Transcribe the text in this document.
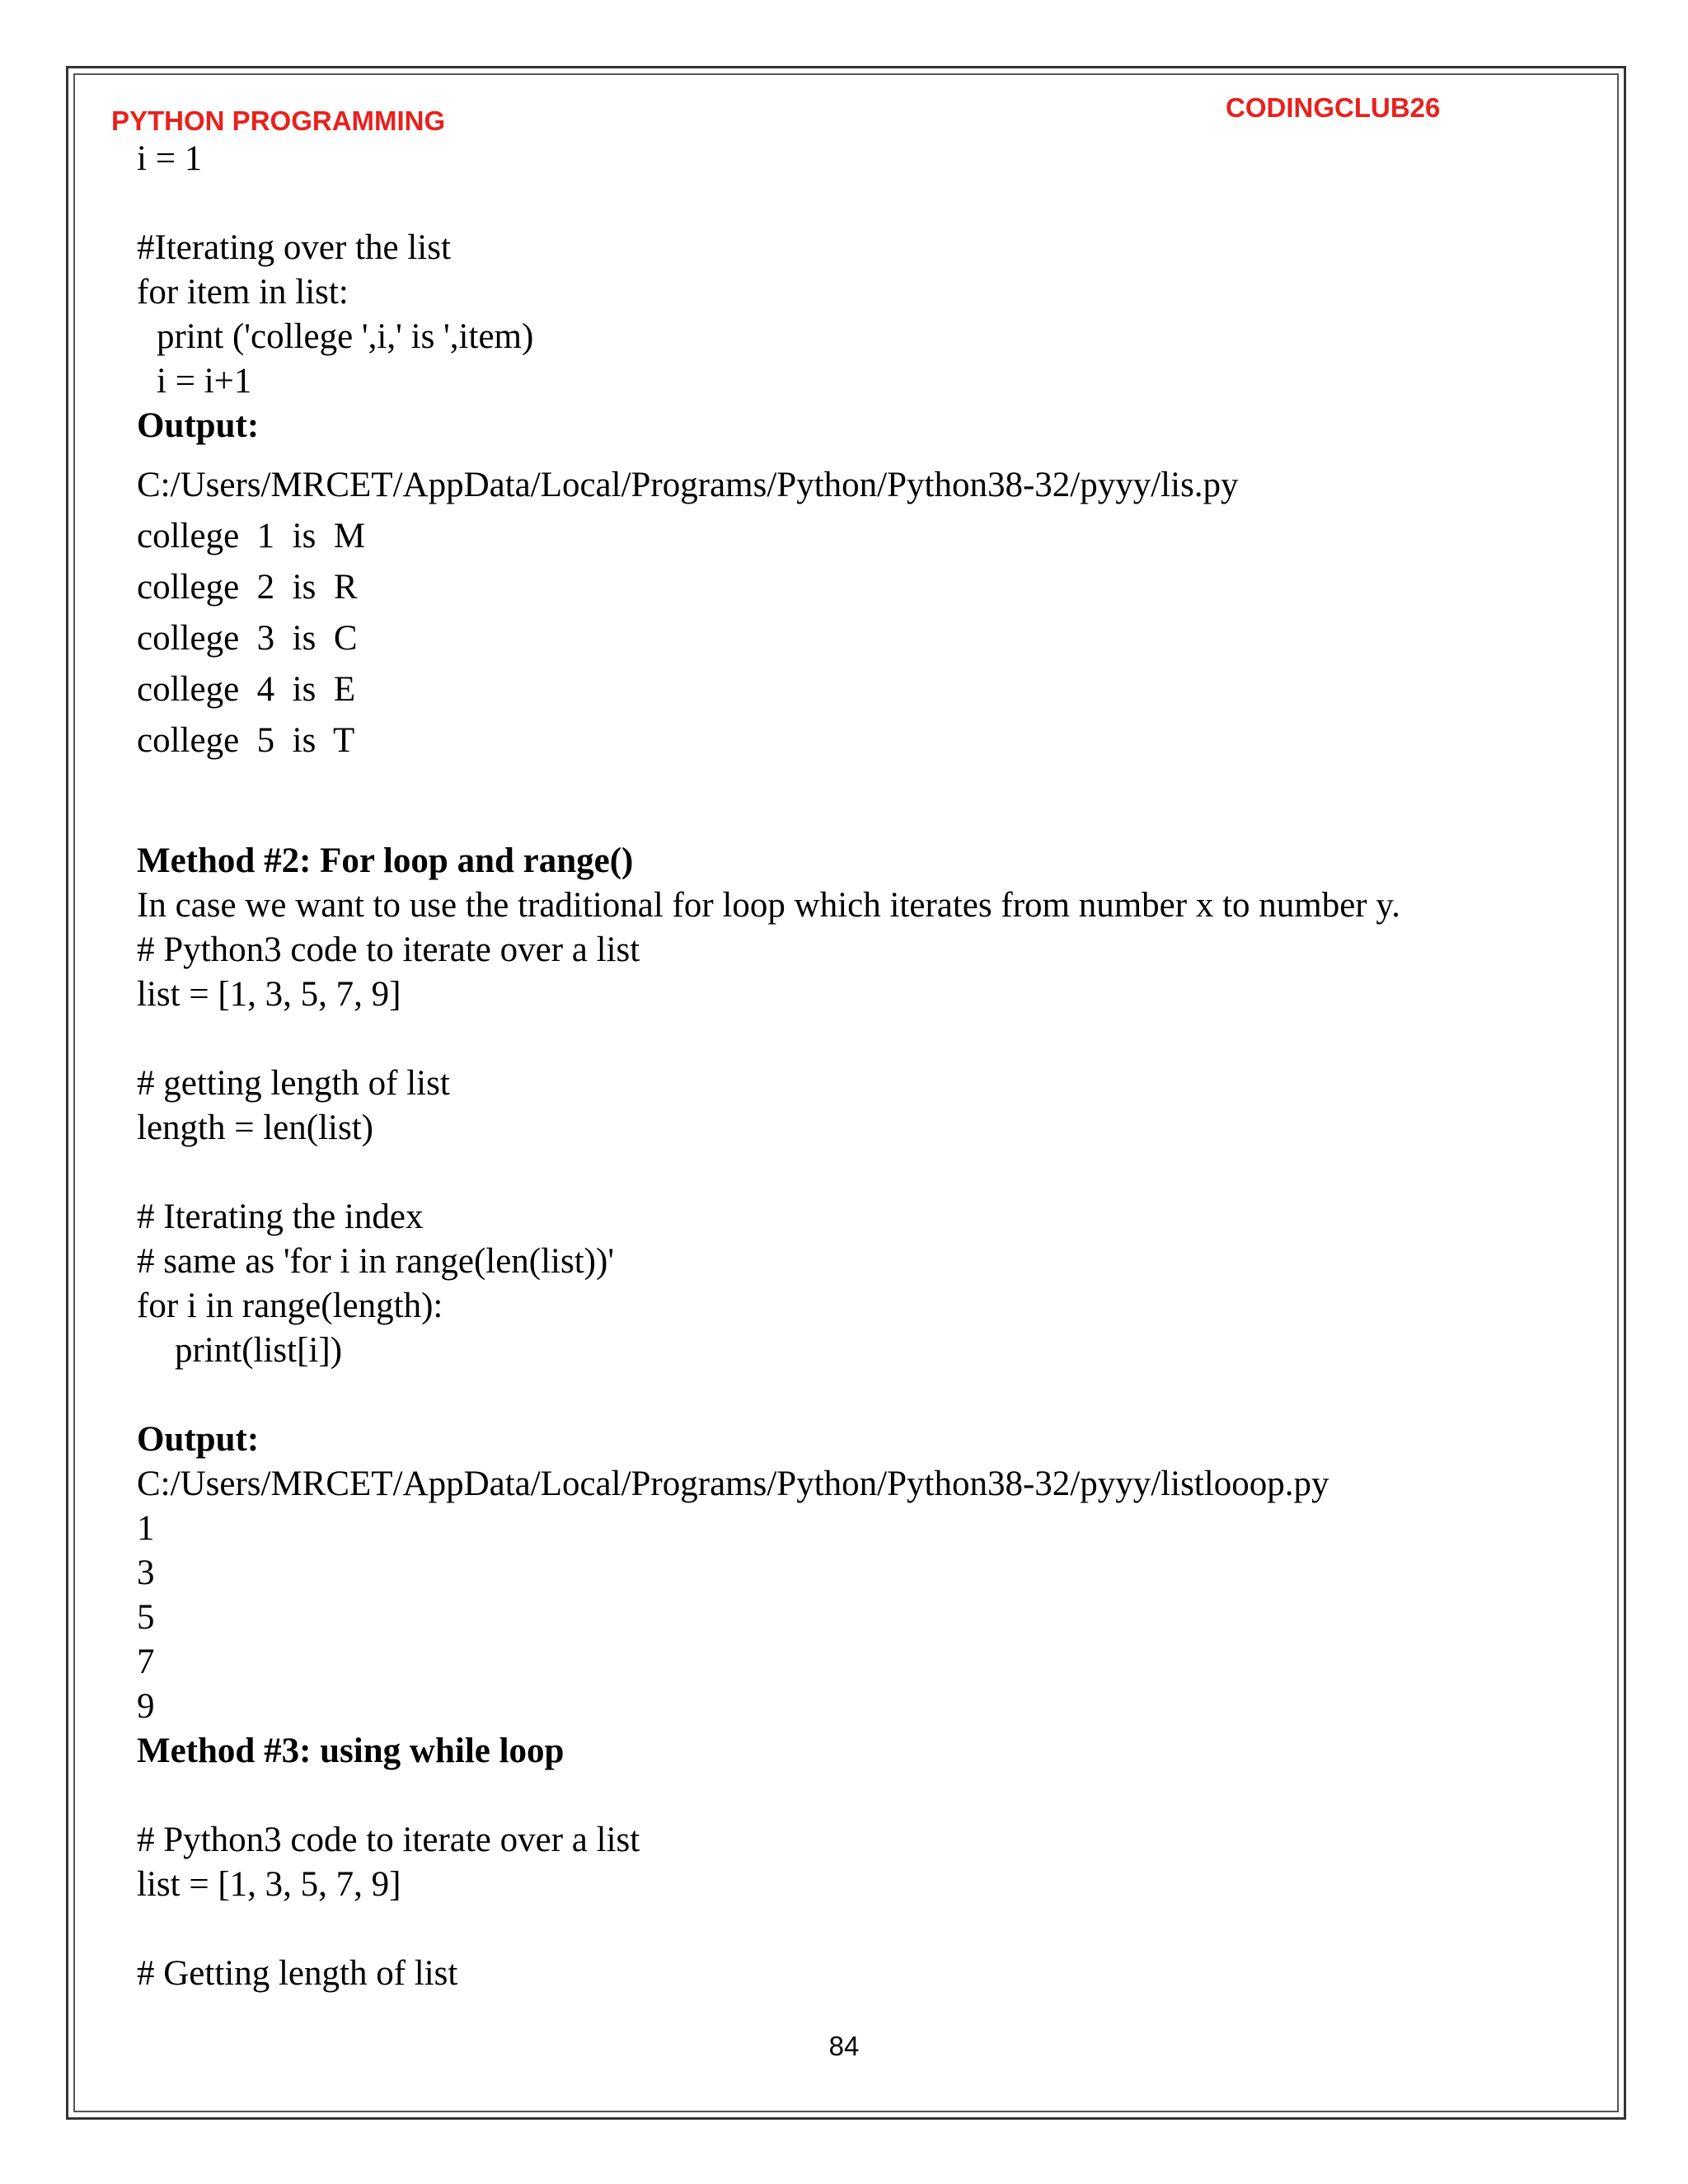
PYTHON PROGRAMMING	CODINGCLUB26
i = 1
#Iterating over the list
for item in list:
print ('college ',i,' is ',item)
i = i+1
Output:
C:/Users/MRCET/AppData/Local/Programs/Python/Python38-32/pyyy/lis.py
college  1  is  M
college  2  is  R
college  3  is  C
college  4  is  E
college  5  is  T
Method #2: For loop and range()
In case we want to use the traditional for loop which iterates from number x to number y.
# Python3 code to iterate over a list
list = [1, 3, 5, 7, 9]
# getting length of list
length = len(list)
# Iterating the index
# same as 'for i in range(len(list))'
for i in range(length):
print(list[i])
Output:
C:/Users/MRCET/AppData/Local/Programs/Python/Python38-32/pyyy/listlooop.py
1
3
5
7
9
Method #3: using while loop
# Python3 code to iterate over a list
list = [1, 3, 5, 7, 9]
# Getting length of list
84
